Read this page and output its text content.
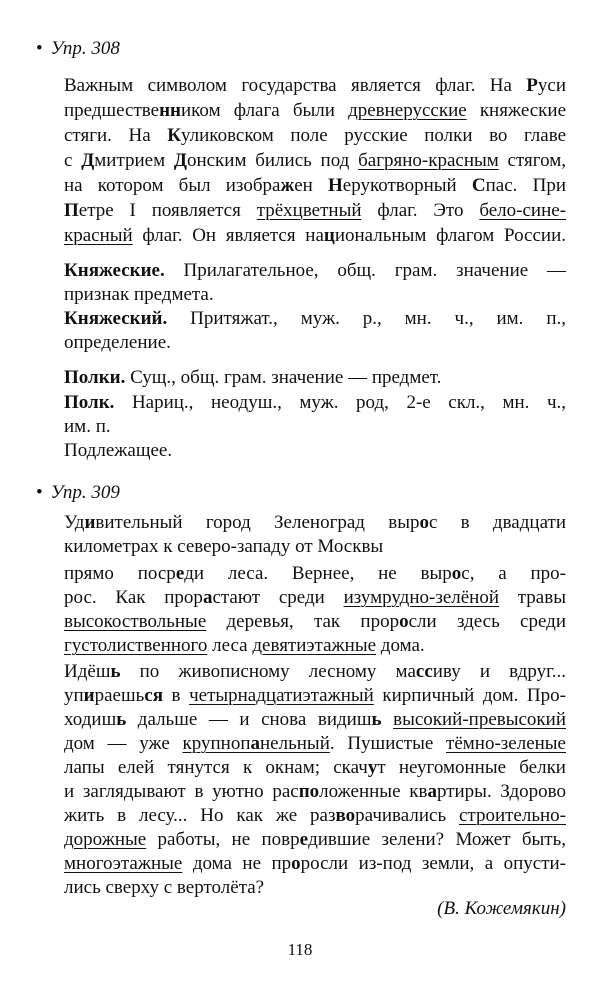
• Упр. 308
Важным символом государства является флаг. На Руси
предшественником флага были древнерусские княжеские
стяги. На Куликовском поле русские полки во главе
с Дмитрием Донским бились под багряно-красным стягом,
на котором был изображен Нерукотворный Спас. При
Петре I появляется трёхцветный флаг. Это бело-сине-
красный флаг. Он является национальным флагом России.
Княжеские. Прилагательное, общ. грам. значение —
признак предмета.
Княжеский. Притяжат., муж. р., мн. ч., им. п.,
определение.
Полки. Сущ., общ. грам. значение — предмет.
Полк. Нариц., неодуш., муж. род, 2-е скл., мн. ч.,
им. п.
Подлежащее.
• Упр. 309
Удивительный город Зеленоград вырос в двадцати
километрах к северо-западу от Москвы
прямо посреди леса. Вернее, не вырос, а про-
рос. Как прорастают среди изумрудно-зелёной травы
высокоствольные деревья, так проросли здесь среди
густолиственного леса девятиэтажные дома.
Идёшь по живописному лесному массиву и вдруг...
упираешься в четырнадцатиэтажный кирпичный дом. Про-
ходишь дальше — и снова видишь высокий-превысокий
дом — уже крупнопанельный. Пушистые тёмно-зеленые
лапы елей тянутся к окнам; скачут неугомонные белки
и заглядывают в уютно расположенные квартиры. Здорово
жить в лесу... Но как же разворачивались строительно-
дорожные работы, не повредившие зелени? Может быть,
многоэтажные дома не проросли из-под земли, а опусти-
лись сверху с вертолёта?
(В. Кожемякин)
118
